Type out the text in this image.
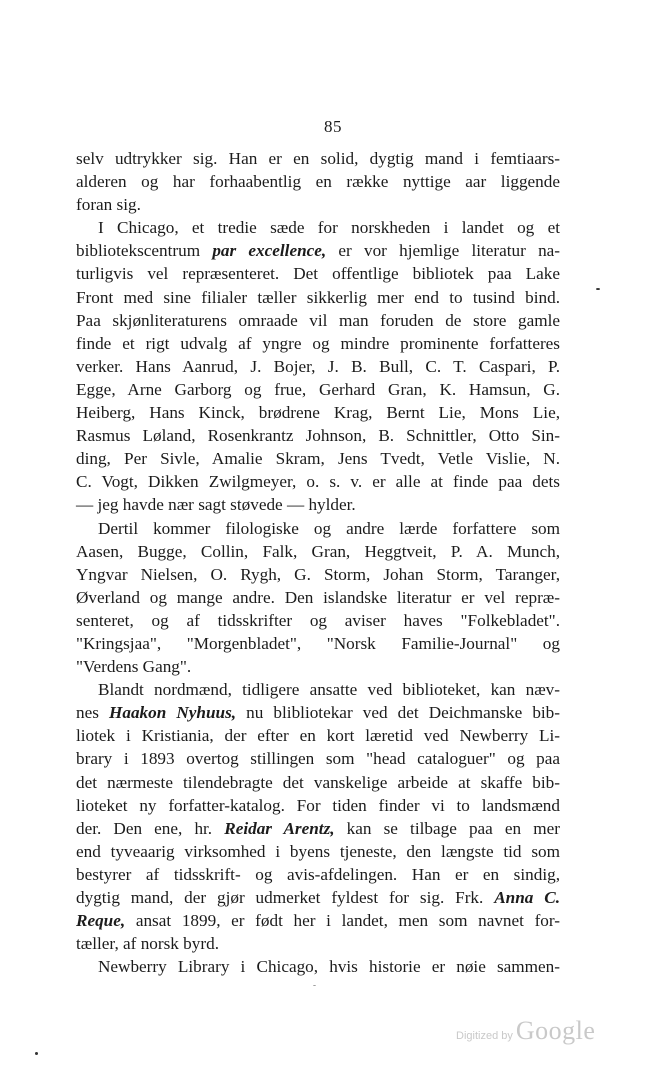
85
selv udtrykker sig. Han er en solid, dygtig mand i femtiaars-
alderen og har forhaabentlig en række nyttige aar liggende
foran sig.
I Chicago, et tredie sæde for norskheden i landet og et
bibliotekscentrum par excellence, er vor hjemlige literatur na-
turligvis vel repræsenteret. Det offentlige bibliotek paa Lake
Front med sine filialer tæller sikkerlig mer end to tusind bind.
Paa skjønliteraturens omraade vil man foruden de store gamle
finde et rigt udvalg af yngre og mindre prominente forfatteres
verker. Hans Aanrud, J. Bojer, J. B. Bull, C. T. Caspari, P.
Egge, Arne Garborg og frue, Gerhard Gran, K. Hamsun, G.
Heiberg, Hans Kinck, brødrene Krag, Bernt Lie, Mons Lie,
Rasmus Løland, Rosenkrantz Johnson, B. Schnittler, Otto Sin-
ding, Per Sivle, Amalie Skram, Jens Tvedt, Vetle Vislie, N.
C. Vogt, Dikken Zwilgmeyer, o. s. v. er alle at finde paa dets
— jeg havde nær sagt støvede — hylder.
Dertil kommer filologiske og andre lærde forfattere som
Aasen, Bugge, Collin, Falk, Gran, Heggtveit, P. A. Munch,
Yngvar Nielsen, O. Rygh, G. Storm, Johan Storm, Taranger,
Øverland og mange andre. Den islandske literatur er vel repræ-
senteret, og af tidsskrifter og aviser haves "Folkebladet".
"Kringsjaa", "Morgenbladet", "Norsk Familie-Journal" og
"Verdens Gang".
Blandt nordmænd, tidligere ansatte ved biblioteket, kan næv-
nes Haakon Nyhuus, nu blibliotekar ved det Deichmanske bib-
liotek i Kristiania, der efter en kort læretid ved Newberry Li-
brary i 1893 overtog stillingen som "head cataloguer" og paa
det nærmeste tilendebragte det vanskelige arbeide at skaffe bib-
lioteket ny forfatter-katalog. For tiden finder vi to landsmænd
der. Den ene, hr. Reidar Arentz, kan se tilbage paa en mer
end tyveaarig virksomhed i byens tjeneste, den længste tid som
bestyrer af tidsskrift- og avis-afdelingen. Han er en sindig,
dygtig mand, der gjør udmerket fyldest for sig. Frk. Anna C.
Reque, ansat 1899, er født her i landet, men som navnet for-
tæller, af norsk byrd.
Newberry Library i Chicago, hvis historie er nøie sammen-
Digitized by Google
